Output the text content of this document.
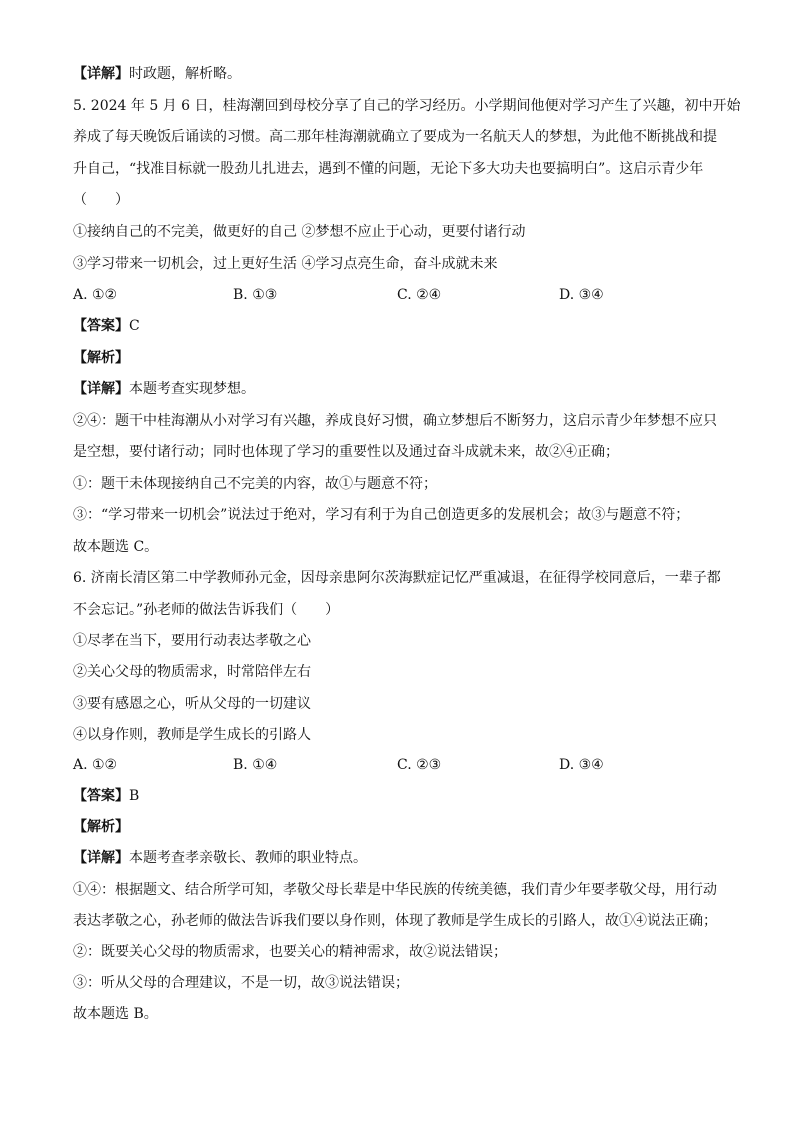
【详解】时政题，解析略。
5. 2024 年 5 月 6 日，桂海潮回到母校分享了自己的学习经历。小学期间他便对学习产生了兴趣，初中开始
养成了每天晚饭后诵读的习惯。高二那年桂海潮就确立了要成为一名航天人的梦想，为此他不断挑战和提
升自己，“找准目标就一股劲儿扎进去，遇到不懂的问题，无论下多大功夫也要搞明白”。这启示青少年
（　　）
①接纳自己的不完美，做更好的自己 ②梦想不应止于心动，更要付诸行动
③学习带来一切机会，过上更好生活 ④学习点亮生命，奋斗成就未来
A. ①②	B. ①③	C. ②④	D. ③④
【答案】C
【解析】
【详解】本题考查实现梦想。
②④：题干中桂海潮从小对学习有兴趣，养成良好习惯，确立梦想后不断努力，这启示青少年梦想不应只
是空想，要付诸行动；同时也体现了学习的重要性以及通过奋斗成就未来，故②④正确；
①：题干未体现接纳自己不完美的内容，故①与题意不符；
③：“学习带来一切机会”说法过于绝对，学习有利于为自己创造更多的发展机会；故③与题意不符；
故本题选 C。
6. 济南长清区第二中学教师孙元金，因母亲患阿尔茨海默症记忆严重减退，在征得学校同意后，一辈子都
不会忘记。”孙老师的做法告诉我们（　　）
①尽孝在当下，要用行动表达孝敬之心
②关心父母的物质需求，时常陪伴左右
③要有感恩之心，听从父母的一切建议
④以身作则，教师是学生成长的引路人
A. ①②	B. ①④	C. ②③	D. ③④
【答案】B
【解析】
【详解】本题考查孝亲敬长、教师的职业特点。
①④：根据题文、结合所学可知，孝敬父母长辈是中华民族的传统美德，我们青少年要孝敬父母，用行动
表达孝敬之心，孙老师的做法告诉我们要以身作则，体现了教师是学生成长的引路人，故①④说法正确；
②：既要关心父母的物质需求，也要关心的精神需求，故②说法错误；
③：听从父母的合理建议，不是一切，故③说法错误；
故本题选 B。
